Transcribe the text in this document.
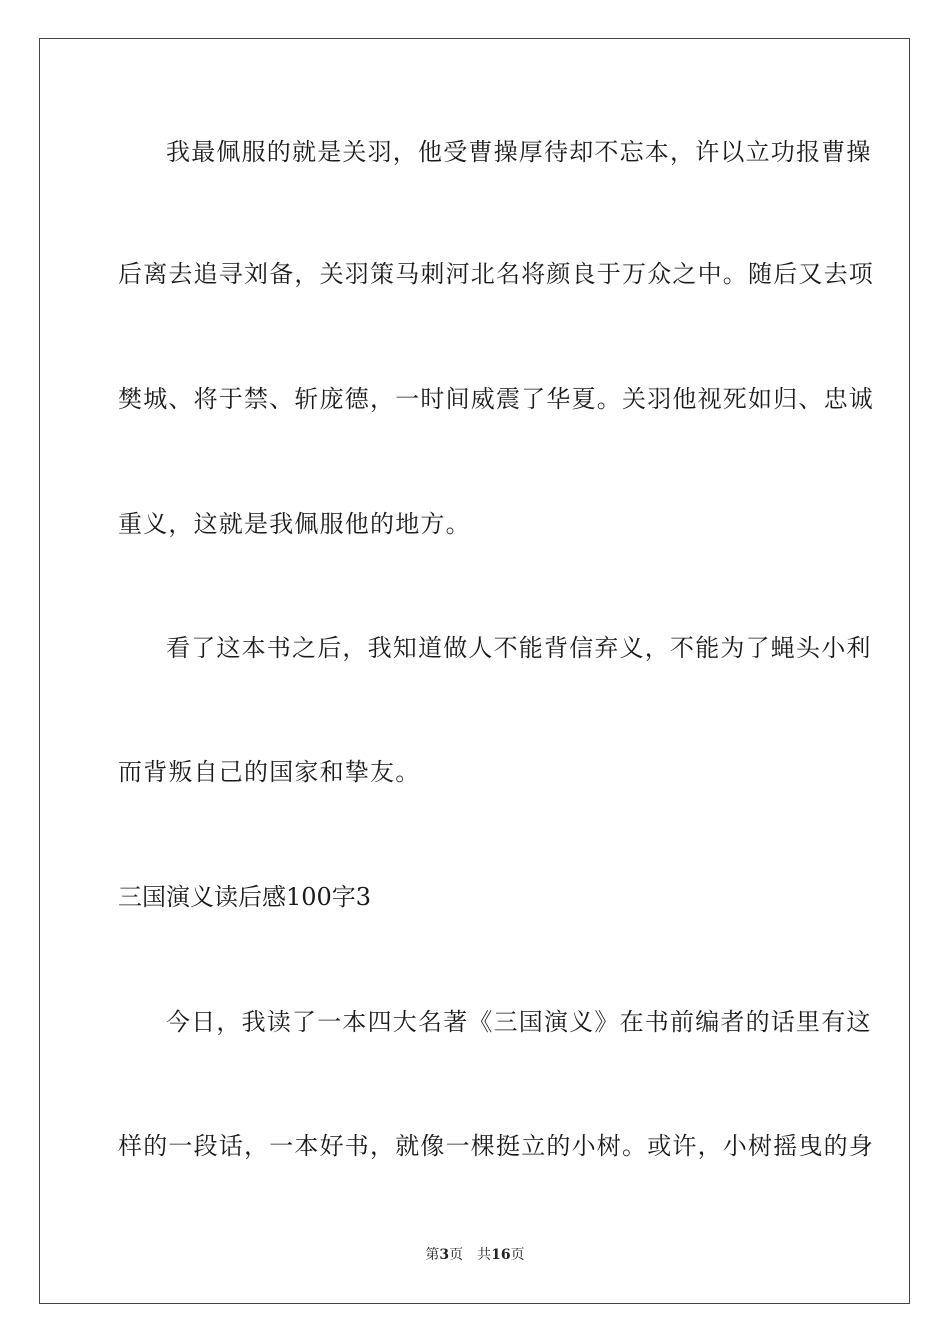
我最佩服的就是关羽，他受曹操厚待却不忘本，许以立功报曹操
后离去追寻刘备，关羽策马刺河北名将颜良于万众之中。随后又去项
樊城、将于禁、斩庞德，一时间威震了华夏。关羽他视死如归、忠诚
重义，这就是我佩服他的地方。
看了这本书之后，我知道做人不能背信弃义，不能为了蝇头小利
而背叛自己的国家和挚友。
三国演义读后感100字3
今日，我读了一本四大名著《三国演义》在书前编者的话里有这
样的一段话，一本好书，就像一棵挺立的小树。或许，小树摇曳的身
第3页 共16页
